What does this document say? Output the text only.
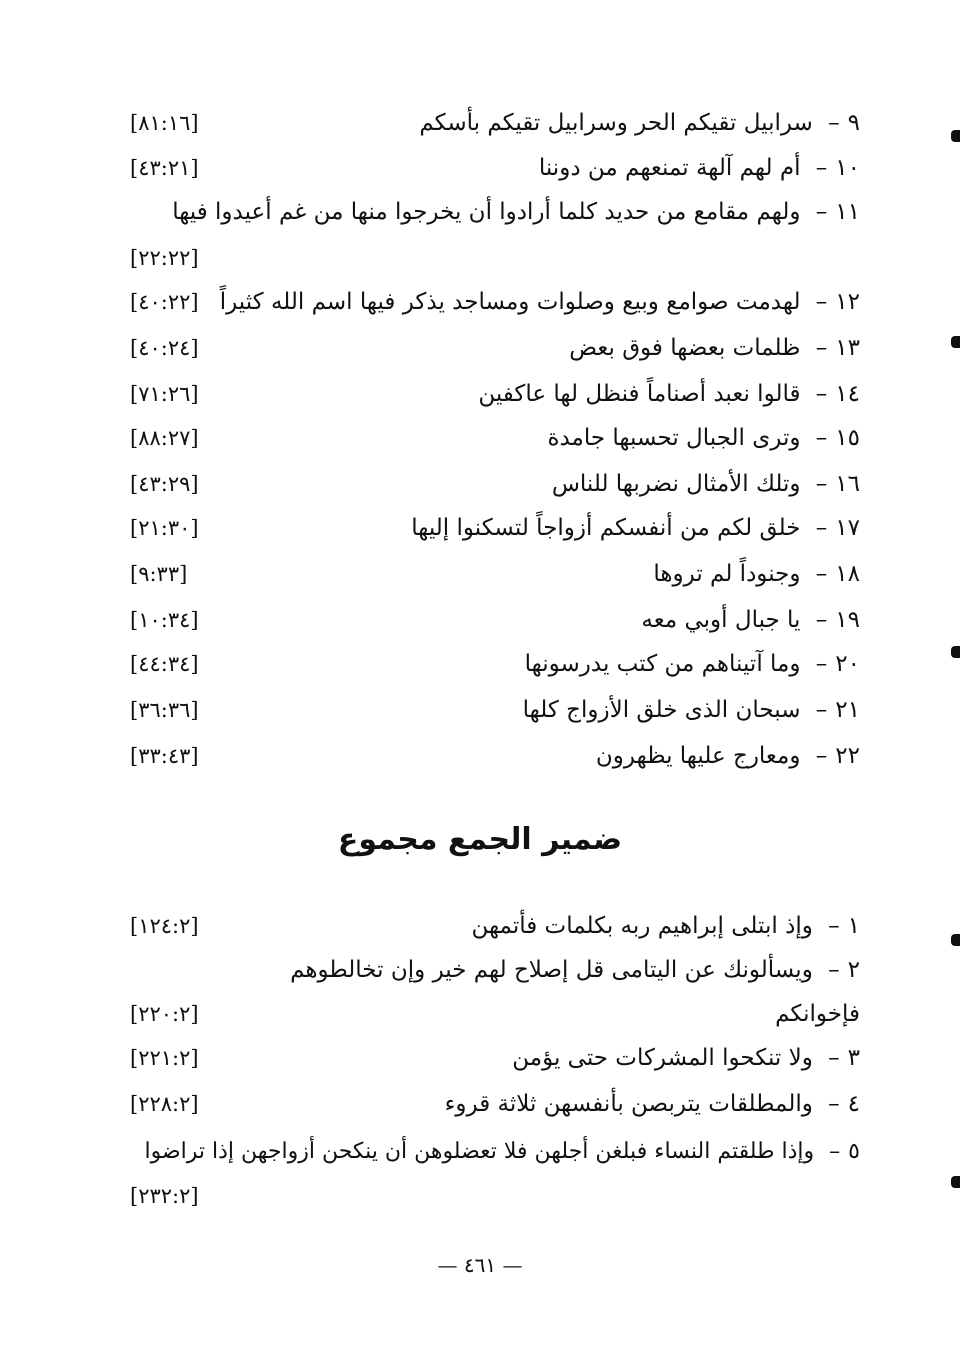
٩– سرابيل تقيكم الحر وسرابيل تقيكم بأسكم
[٨١:١٦]
١٠– أم لهم آلهة تمنعهم من دوننا
[٤٣:٢١]
١١– ولهم مقامع من حديد كلما أرادوا أن يخرجوا منها من غم أعيدوا فيها
[٢٢:٢٢]
١٢– لهدمت صوامع وبيع وصلوات ومساجد يذكر فيها اسم الله كثيراً
[٤٠:٢٢]
١٣– ظلمات بعضها فوق بعض
[٤٠:٢٤]
١٤– قالوا نعبد أصناماً فنظل لها عاكفين
[٧١:٢٦]
١٥– وترى الجبال تحسبها جامدة
[٨٨:٢٧]
١٦– وتلك الأمثال نضربها للناس
[٤٣:٢٩]
١٧– خلق لكم من أنفسكم أزواجاً لتسكنوا إليها
[٢١:٣٠]
١٨– وجنوداً لم تروها
[٩:٣٣]
١٩– يا جبال أوبي معه
[١٠:٣٤]
٢٠– وما آتيناهم من كتب يدرسونها
[٤٤:٣٤]
٢١– سبحان الذى خلق الأزواج كلها
[٣٦:٣٦]
٢٢– ومعارج عليها يظهرون
[٣٣:٤٣]
ضمير الجمع مجموع
١– وإذ ابتلى إبراهيم ربه بكلمات فأتمهن
[١٢٤:٢]
٢– ويسألونك عن اليتامى قل إصلاح لهم خير وإن تخالطوهم
فإخوانكم
[٢٢٠:٢]
٣– ولا تنكحوا المشركات حتى يؤمن
[٢٢١:٢]
٤– والمطلقات يتربصن بأنفسهن ثلاثة قروء
[٢٢٨:٢]
٥– وإذا طلقتم النساء فبلغن أجلهن فلا تعضلوهن أن ينكحن أزواجهن إذا تراضوا
[٢٣٢:٢]
— ٤٦١ —
